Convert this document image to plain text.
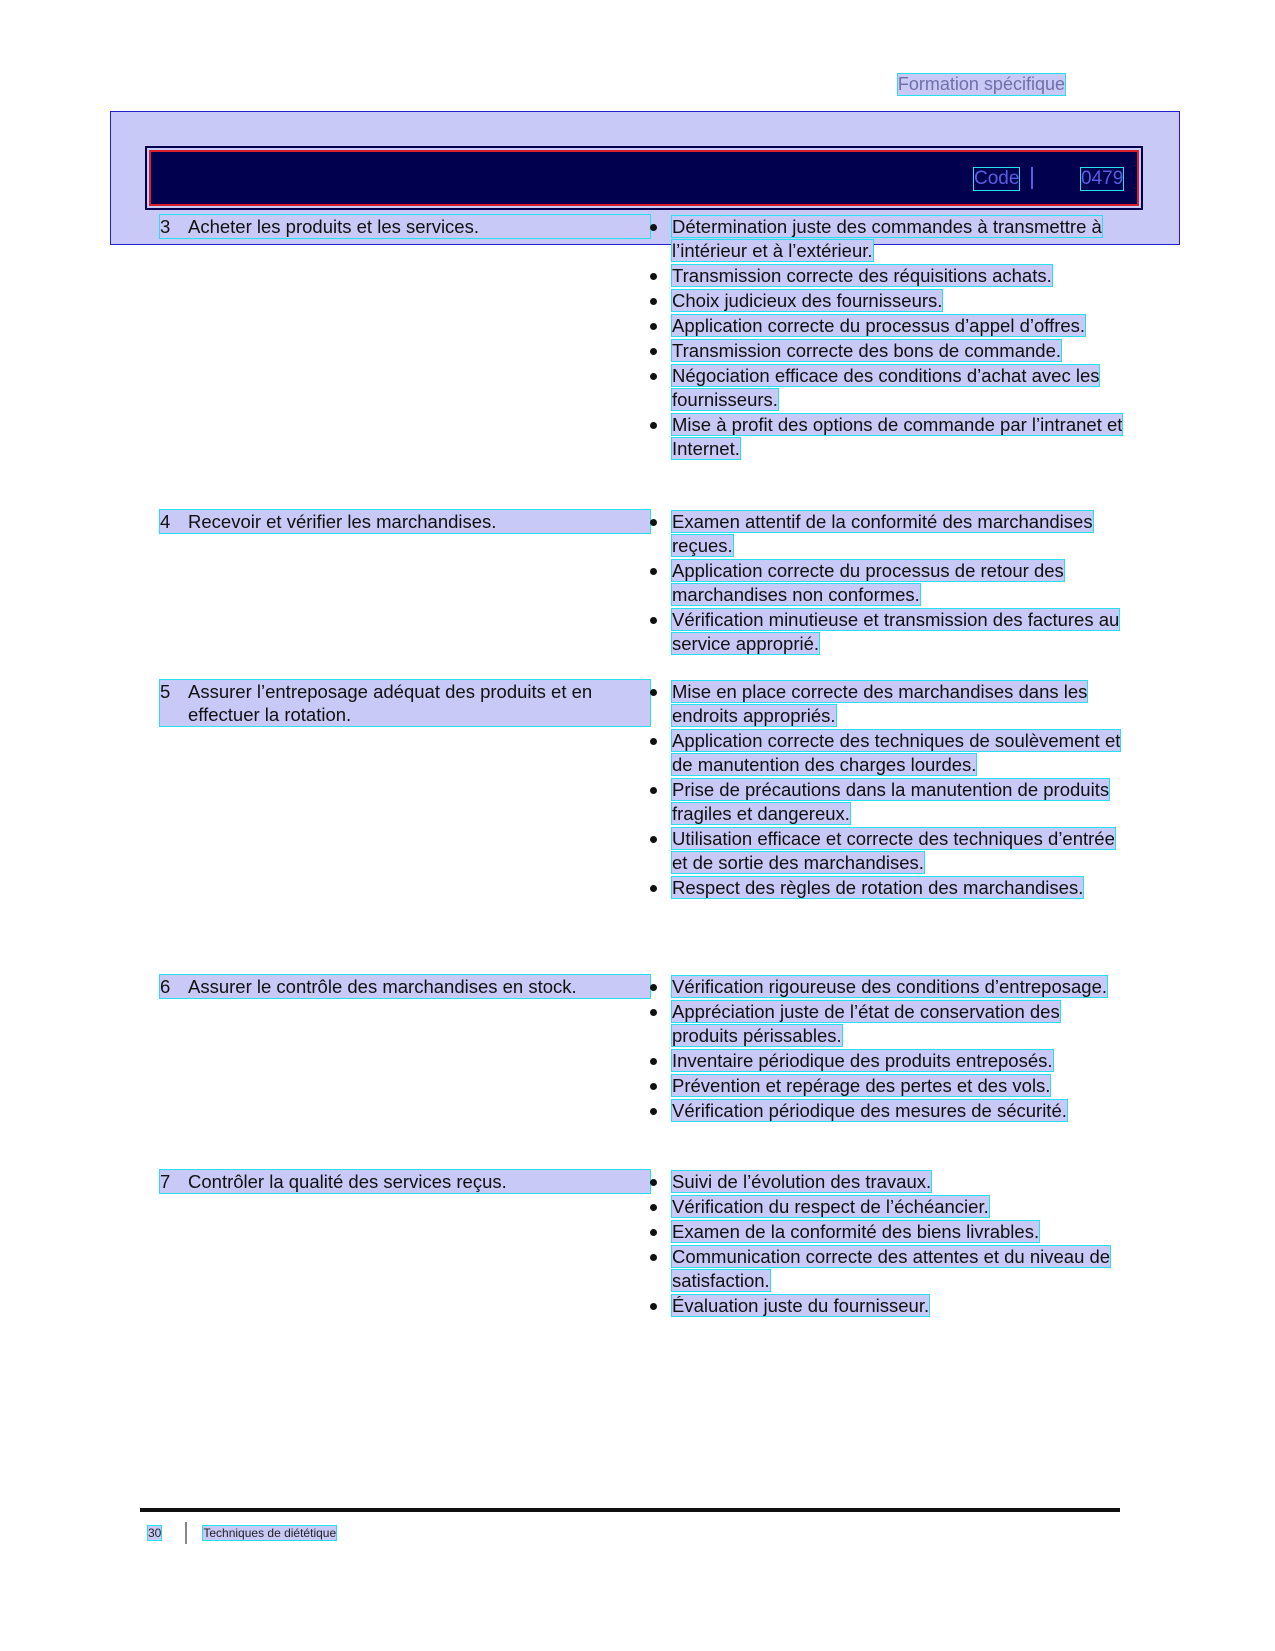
Formation spécifique
Code	0479
3 Acheter les produits et les services.	Détermination juste des commandes à transmettre à l’intérieur et à l’extérieur.
Transmission correcte des réquisitions achats.
Choix judicieux des fournisseurs.
Application correcte du processus d’appel d’offres.
Transmission correcte des bons de commande.
Négociation efficace des conditions d’achat avec les fournisseurs.
Mise à profit des options de commande par l’intranet et Internet.
4 Recevoir et vérifier les marchandises.	Examen attentif de la conformité des marchandises reçues.
Application correcte du processus de retour des marchandises non conformes.
Vérification minutieuse et transmission des factures au service approprié.
5 Assurer l’entreposage adéquat des produits et en effectuer la rotation.
Mise en place correcte des marchandises dans les endroits appropriés.
Application correcte des techniques de soulèvement et de manutention des charges lourdes.
Prise de précautions dans la manutention de produits fragiles et dangereux.
Utilisation efficace et correcte des techniques d’entrée et de sortie des marchandises.
Respect des règles de rotation des marchandises.
6 Assurer le contrôle des marchandises en stock.	Vérification rigoureuse des conditions d’entreposage.
Appréciation juste de l’état de conservation des produits périssables.
Inventaire périodique des produits entreposés.
Prévention et repérage des pertes et des vols.
Vérification périodique des mesures de sécurité.
7 Contrôler la qualité des services reçus.	Suivi de l’évolution des travaux.
Vérification du respect de l’échéancier.
Examen de la conformité des biens livrables.
Communication correcte des attentes et du niveau de satisfaction.
Évaluation juste du fournisseur.
30	Techniques de diététique
